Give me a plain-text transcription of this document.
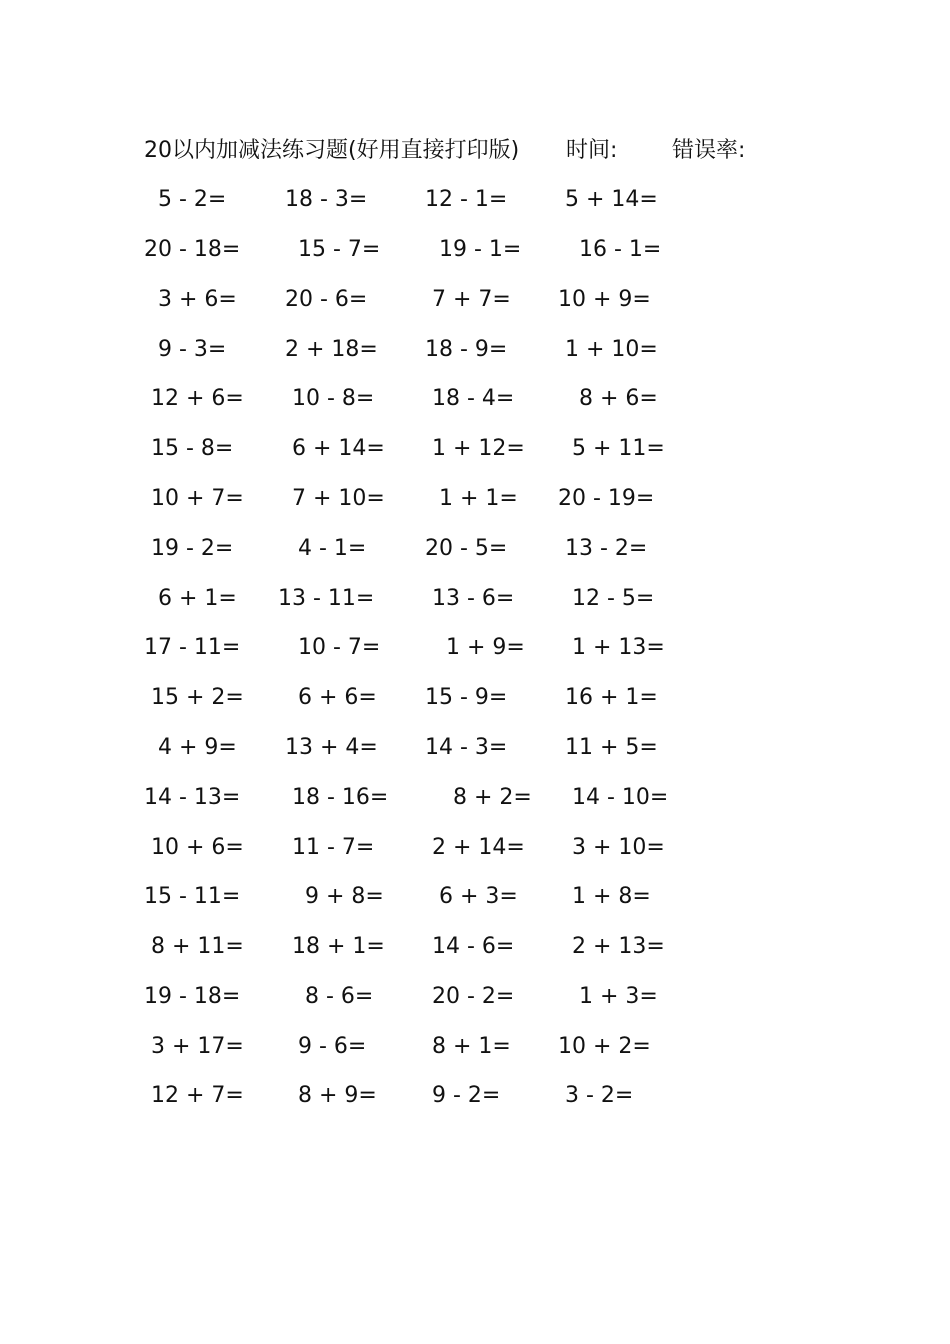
20以内加减法练习题(好用直接打印版) 时间: 错误率:
5 - 2=	18 - 3=	12 - 1=	5 + 14=
20 - 18=	15 - 7=	19 - 1=	16 - 1=
3 + 6= 20 - 6=	7 + 7= 10 + 9=
9 - 3=	2 + 18= 18 - 9=	1 + 10=
12 + 6= 10 - 8=	18 - 4=	8 + 6=
15 - 8=	6 + 14= 1 + 12= 5 + 11=
10 + 7= 7 + 10= 1 + 1= 20 - 19=
19 - 2=	4 - 1=	20 - 5=	13 - 2=
6 + 1= 13 - 11=	13 - 6=	12 - 5=
17 - 11=	10 - 7=	1 + 9= 1 + 13=
15 + 2= 6 + 6= 15 - 9=	16 + 1=
4 + 9= 13 + 4= 14 - 3=	11 + 5=
14 - 13= 18 - 16=	8 + 2= 14 - 10=
10 + 6= 11 - 7=	2 + 14= 3 + 10=
15 - 11=	9 + 8=	6 + 3= 1 + 8=
8 + 11= 18 + 1= 14 - 6=	2 + 13=
19 - 18=	8 - 6=	20 - 2=	1 + 3=
3 + 17= 9 - 6=	8 + 1= 10 + 2=
12 + 7= 8 + 9=	9 - 2=	3 - 2=
